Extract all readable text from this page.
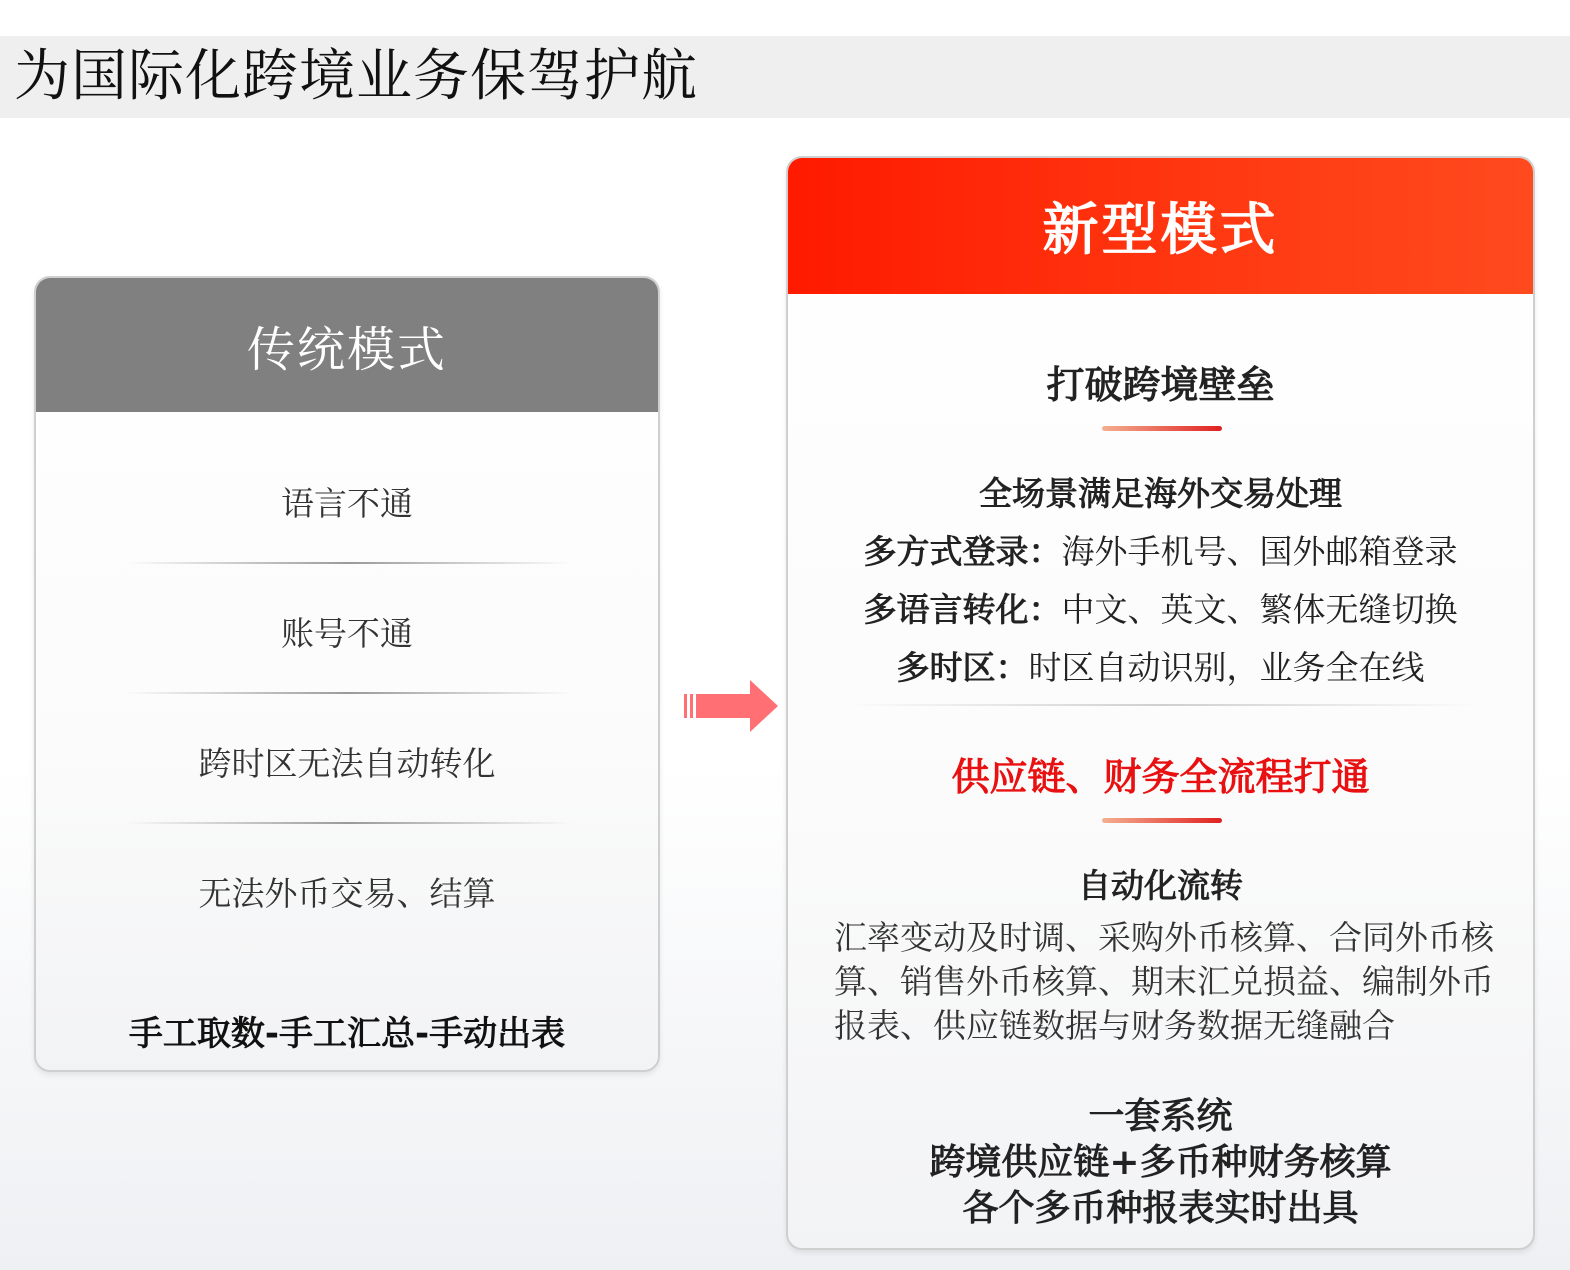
为国际化跨境业务保驾护航
传统模式
语言不通
账号不通
跨时区无法自动转化
无法外币交易、结算
手工取数-手工汇总-手动出表
新型模式
打破跨境壁垒
全场景满足海外交易处理
多方式登录：海外手机号、国外邮箱登录
多语言转化：中文、英文、繁体无缝切换
多时区：时区自动识别，业务全在线
供应链、财务全流程打通
自动化流转
汇率变动及时调、采购外币核算、合同外币核算、销售外币核算、期末汇兑损益、编制外币报表、供应链数据与财务数据无缝融合
一套系统
跨境供应链+多币种财务核算
各个多币种报表实时出具
